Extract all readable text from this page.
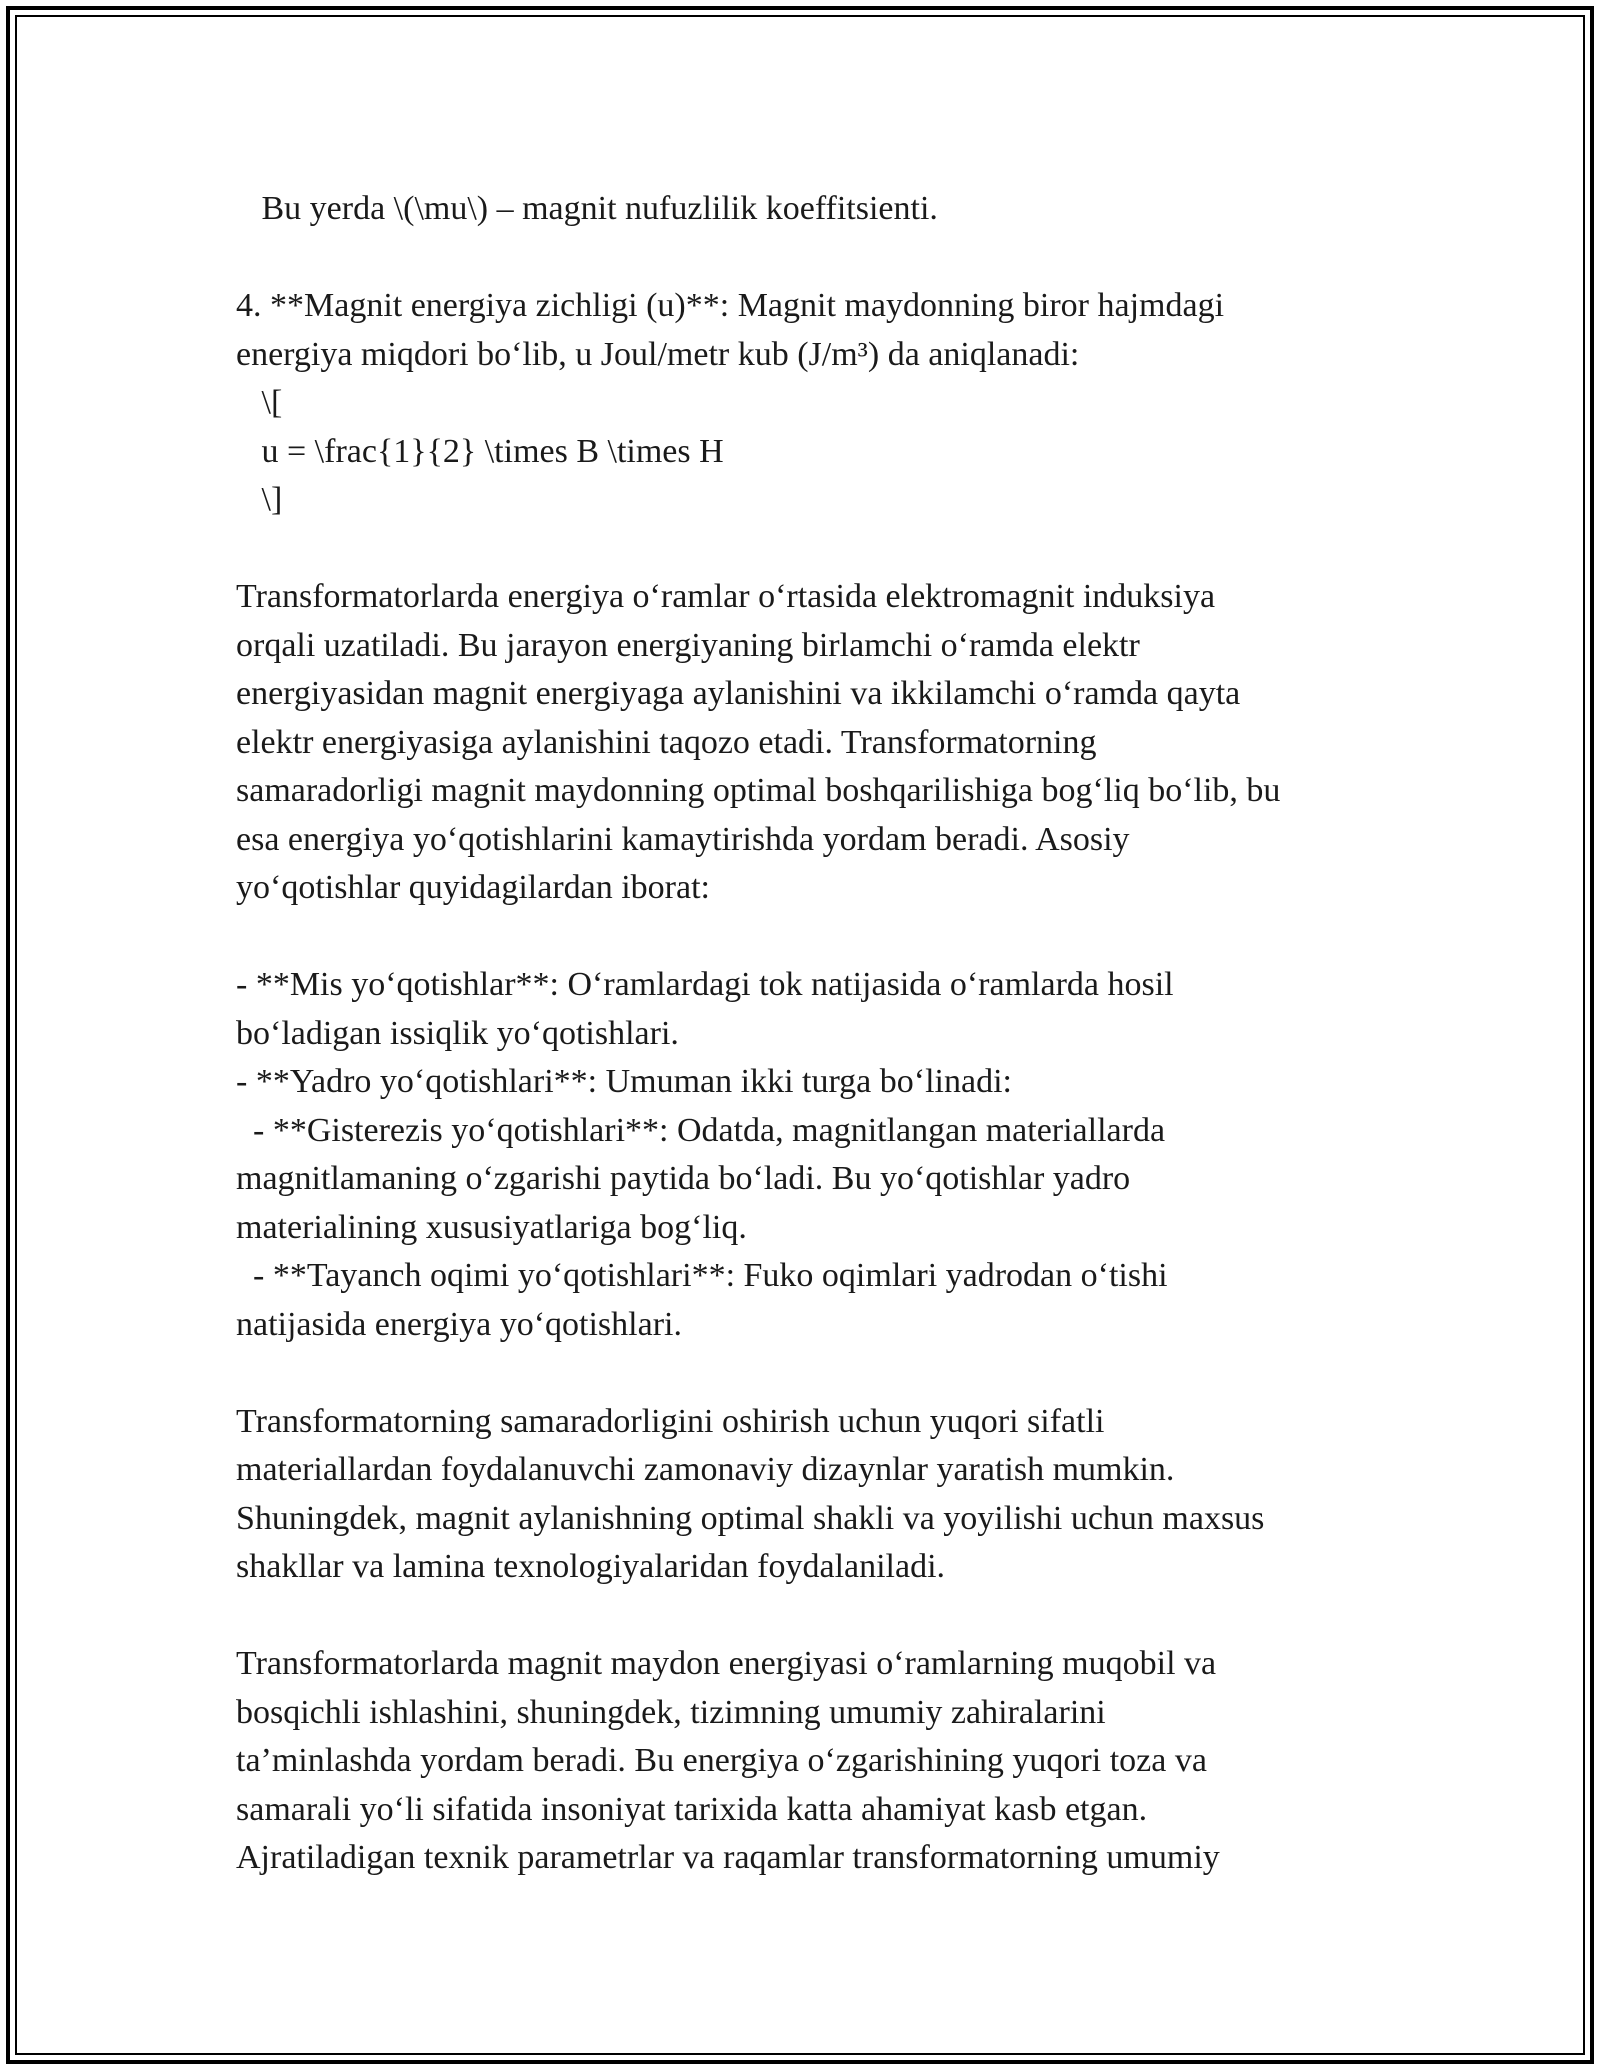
Bu yerda \(\mu\) – magnit nufuzlilik koeffitsienti.
4. **Magnit energiya zichligi (u)**: Magnit maydonning biror hajmdagi
energiya miqdori bo‘lib, u Joul/metr kub (J/m³) da aniqlanadi:
\[
u = \frac{1}{2} \times B \times H
\]
Transformatorlarda energiya o‘ramlar o‘rtasida elektromagnit induksiya
orqali uzatiladi. Bu jarayon energiyaning birlamchi o‘ramda elektr
energiyasidan magnit energiyaga aylanishini va ikkilamchi o‘ramda qayta
elektr energiyasiga aylanishini taqozo etadi. Transformatorning
samaradorligi magnit maydonning optimal boshqarilishiga bog‘liq bo‘lib, bu
esa energiya yo‘qotishlarini kamaytirishda yordam beradi. Asosiy
yo‘qotishlar quyidagilardan iborat:
- **Mis yo‘qotishlar**: O‘ramlardagi tok natijasida o‘ramlarda hosil
bo‘ladigan issiqlik yo‘qotishlari.
- **Yadro yo‘qotishlari**: Umuman ikki turga bo‘linadi:
- **Gisterezis yo‘qotishlari**: Odatda, magnitlangan materiallarda
magnitlamaning o‘zgarishi paytida bo‘ladi. Bu yo‘qotishlar yadro
materialining xususiyatlariga bog‘liq.
- **Tayanch oqimi yo‘qotishlari**: Fuko oqimlari yadrodan o‘tishi
natijasida energiya yo‘qotishlari.
Transformatorning samaradorligini oshirish uchun yuqori sifatli
materiallardan foydalanuvchi zamonaviy dizaynlar yaratish mumkin.
Shuningdek, magnit aylanishning optimal shakli va yoyilishi uchun maxsus
shakllar va lamina texnologiyalaridan foydalaniladi.
Transformatorlarda magnit maydon energiyasi o‘ramlarning muqobil va
bosqichli ishlashini, shuningdek, tizimning umumiy zahiralarini
ta’minlashda yordam beradi. Bu energiya o‘zgarishining yuqori toza va
samarali yo‘li sifatida insoniyat tarixida katta ahamiyat kasb etgan.
Ajratiladigan texnik parametrlar va raqamlar transformatorning umumiy
